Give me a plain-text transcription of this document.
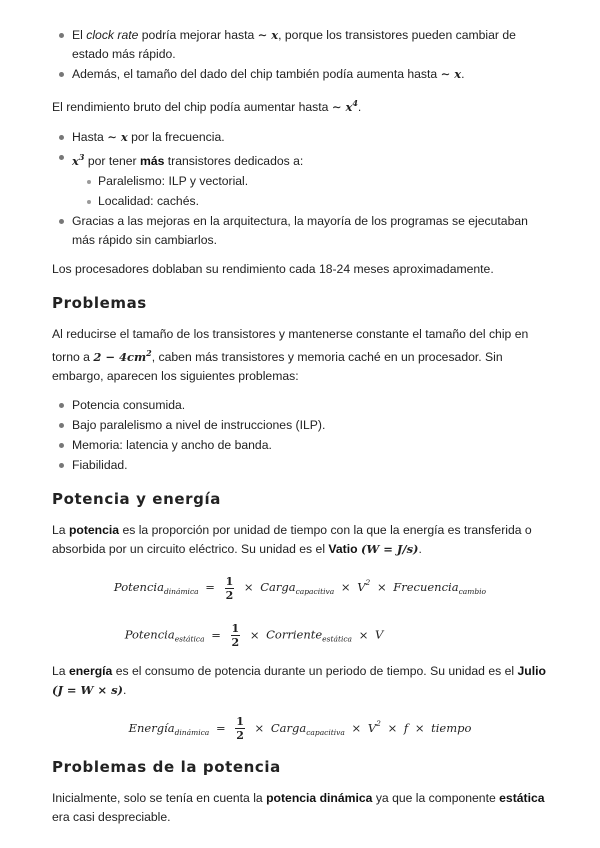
El clock rate podría mejorar hasta ∼ x, porque los transistores pueden cambiar de estado más rápido.
Además, el tamaño del dado del chip también podía aumenta hasta ∼ x.

El rendimiento bruto del chip podía aumentar hasta ∼ $x^4$.

Hasta ∼ x por la frecuencia.
$x^3$ por tener más transistores dedicados a:
Paralelismo: ILP y vectorial.
Localidad: cachés.
Gracias a las mejoras en la arquitectura, la mayoría de los programas se ejecutaban más rápido sin cambiarlos.

Los procesadores doblaban su rendimiento cada 18-24 meses aproximadamente.

Problemas

Al reducirse el tamaño de los transistores y mantenerse constante el tamaño del chip en torno a $2 - 4cm^2$, caben más transistores y memoria caché en un procesador. Sin embargo, aparecen los siguientes problemas:

Potencia consumida.
Bajo paralelismo a nivel de instrucciones (ILP).
Memoria: latencia y ancho de banda.
Fiabilidad.
Potencia y energía

La potencia es la proporción por unidad de tiempo con la que la energía es transferida o absorbida por un circuito eléctrico. Su unidad es el Vatio (W = J/s).

Potencia$_{dinámica}$ = $\frac{1}{2}$ × Carga$_{capacitiva}$ × $V^2$ × Frecuencia$_{cambio}$
Potencia$_{estática}$ = $\frac{1}{2}$ × Corriente$_{estática}$ × V

La energía es el consumo de potencia durante un periodo de tiempo. Su unidad es el Julio (J = W × s).

Energía$_{dinámica}$ = $\frac{1}{2}$ × Carga$_{capacitiva}$ × $V^2 \times f$ × tiempo
Problemas de la potencia

Inicialmente, solo se tenía en cuenta la potencia dinámica ya que la componente estática era casi despreciable.
